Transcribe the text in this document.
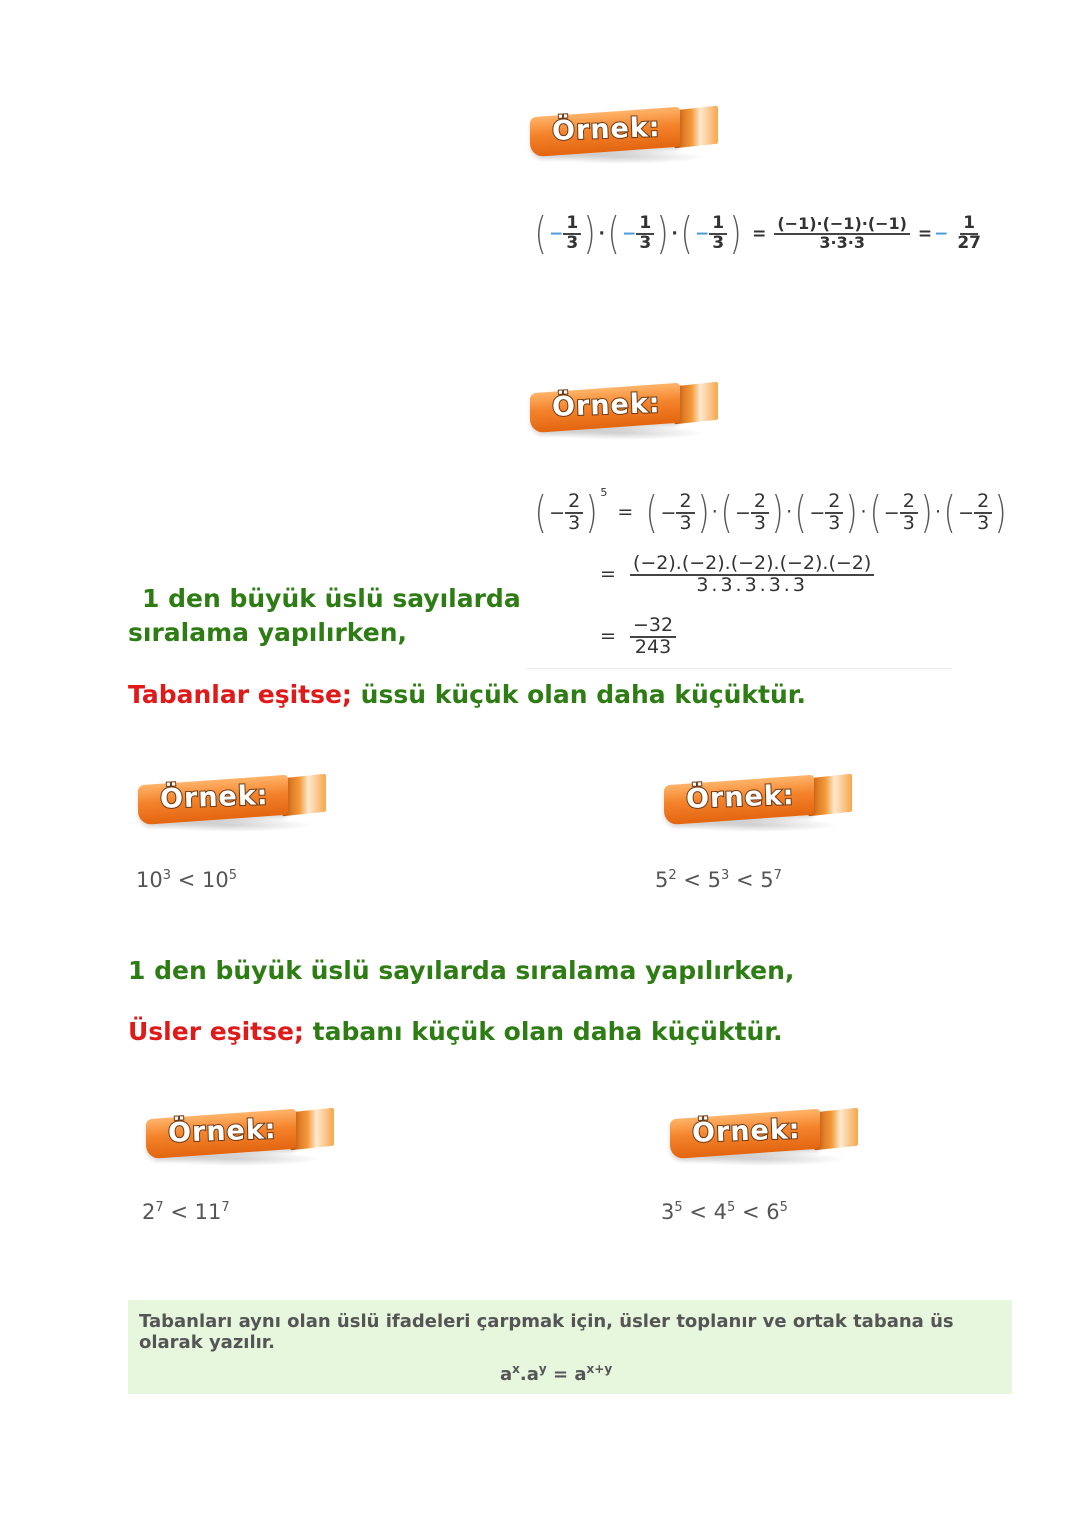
Örnek:
( − $\frac{1}{3}$ ) · ( − $\frac{1}{3}$ ) · ( − $\frac{1}{3}$ ) = $\frac{(-1)\cdot(-1)\cdot(-1)}{3\cdot 3\cdot 3}$ = − $\frac{1}{27}$
Örnek:
( − $\frac{2}{3}$ ) $^5$ = ( − $\frac{2}{3}$ ) · ( − $\frac{2}{3}$ ) · ( − $\frac{2}{3}$ ) · ( − $\frac{2}{3}$ ) · ( − $\frac{2}{3}$ )
= $\frac{(-2).(-2).(-2).(-2).(-2)}{3.3.3.3.3}$
= $\frac{-32}{243}$
1 den büyük üslü sayılarda
sıralama yapılırken,
Tabanlar eşitse; üssü küçük olan daha küçüktür.
Örnek:	Örnek:
$10^3 < 10^5$	$5^2 < 5^3 < 5^7$
1 den büyük üslü sayılarda sıralama yapılırken,
Üsler eşitse; tabanı küçük olan daha küçüktür.
Örnek:	Örnek:
$2^7 < 11^7$	$3^5 < 4^5 < 6^5$
Tabanları aynı olan üslü ifadeleri çarpmak için, üsler toplanır ve ortak tabana üs olarak yazılır.
$a^x.a^y = a^{x+y}$
